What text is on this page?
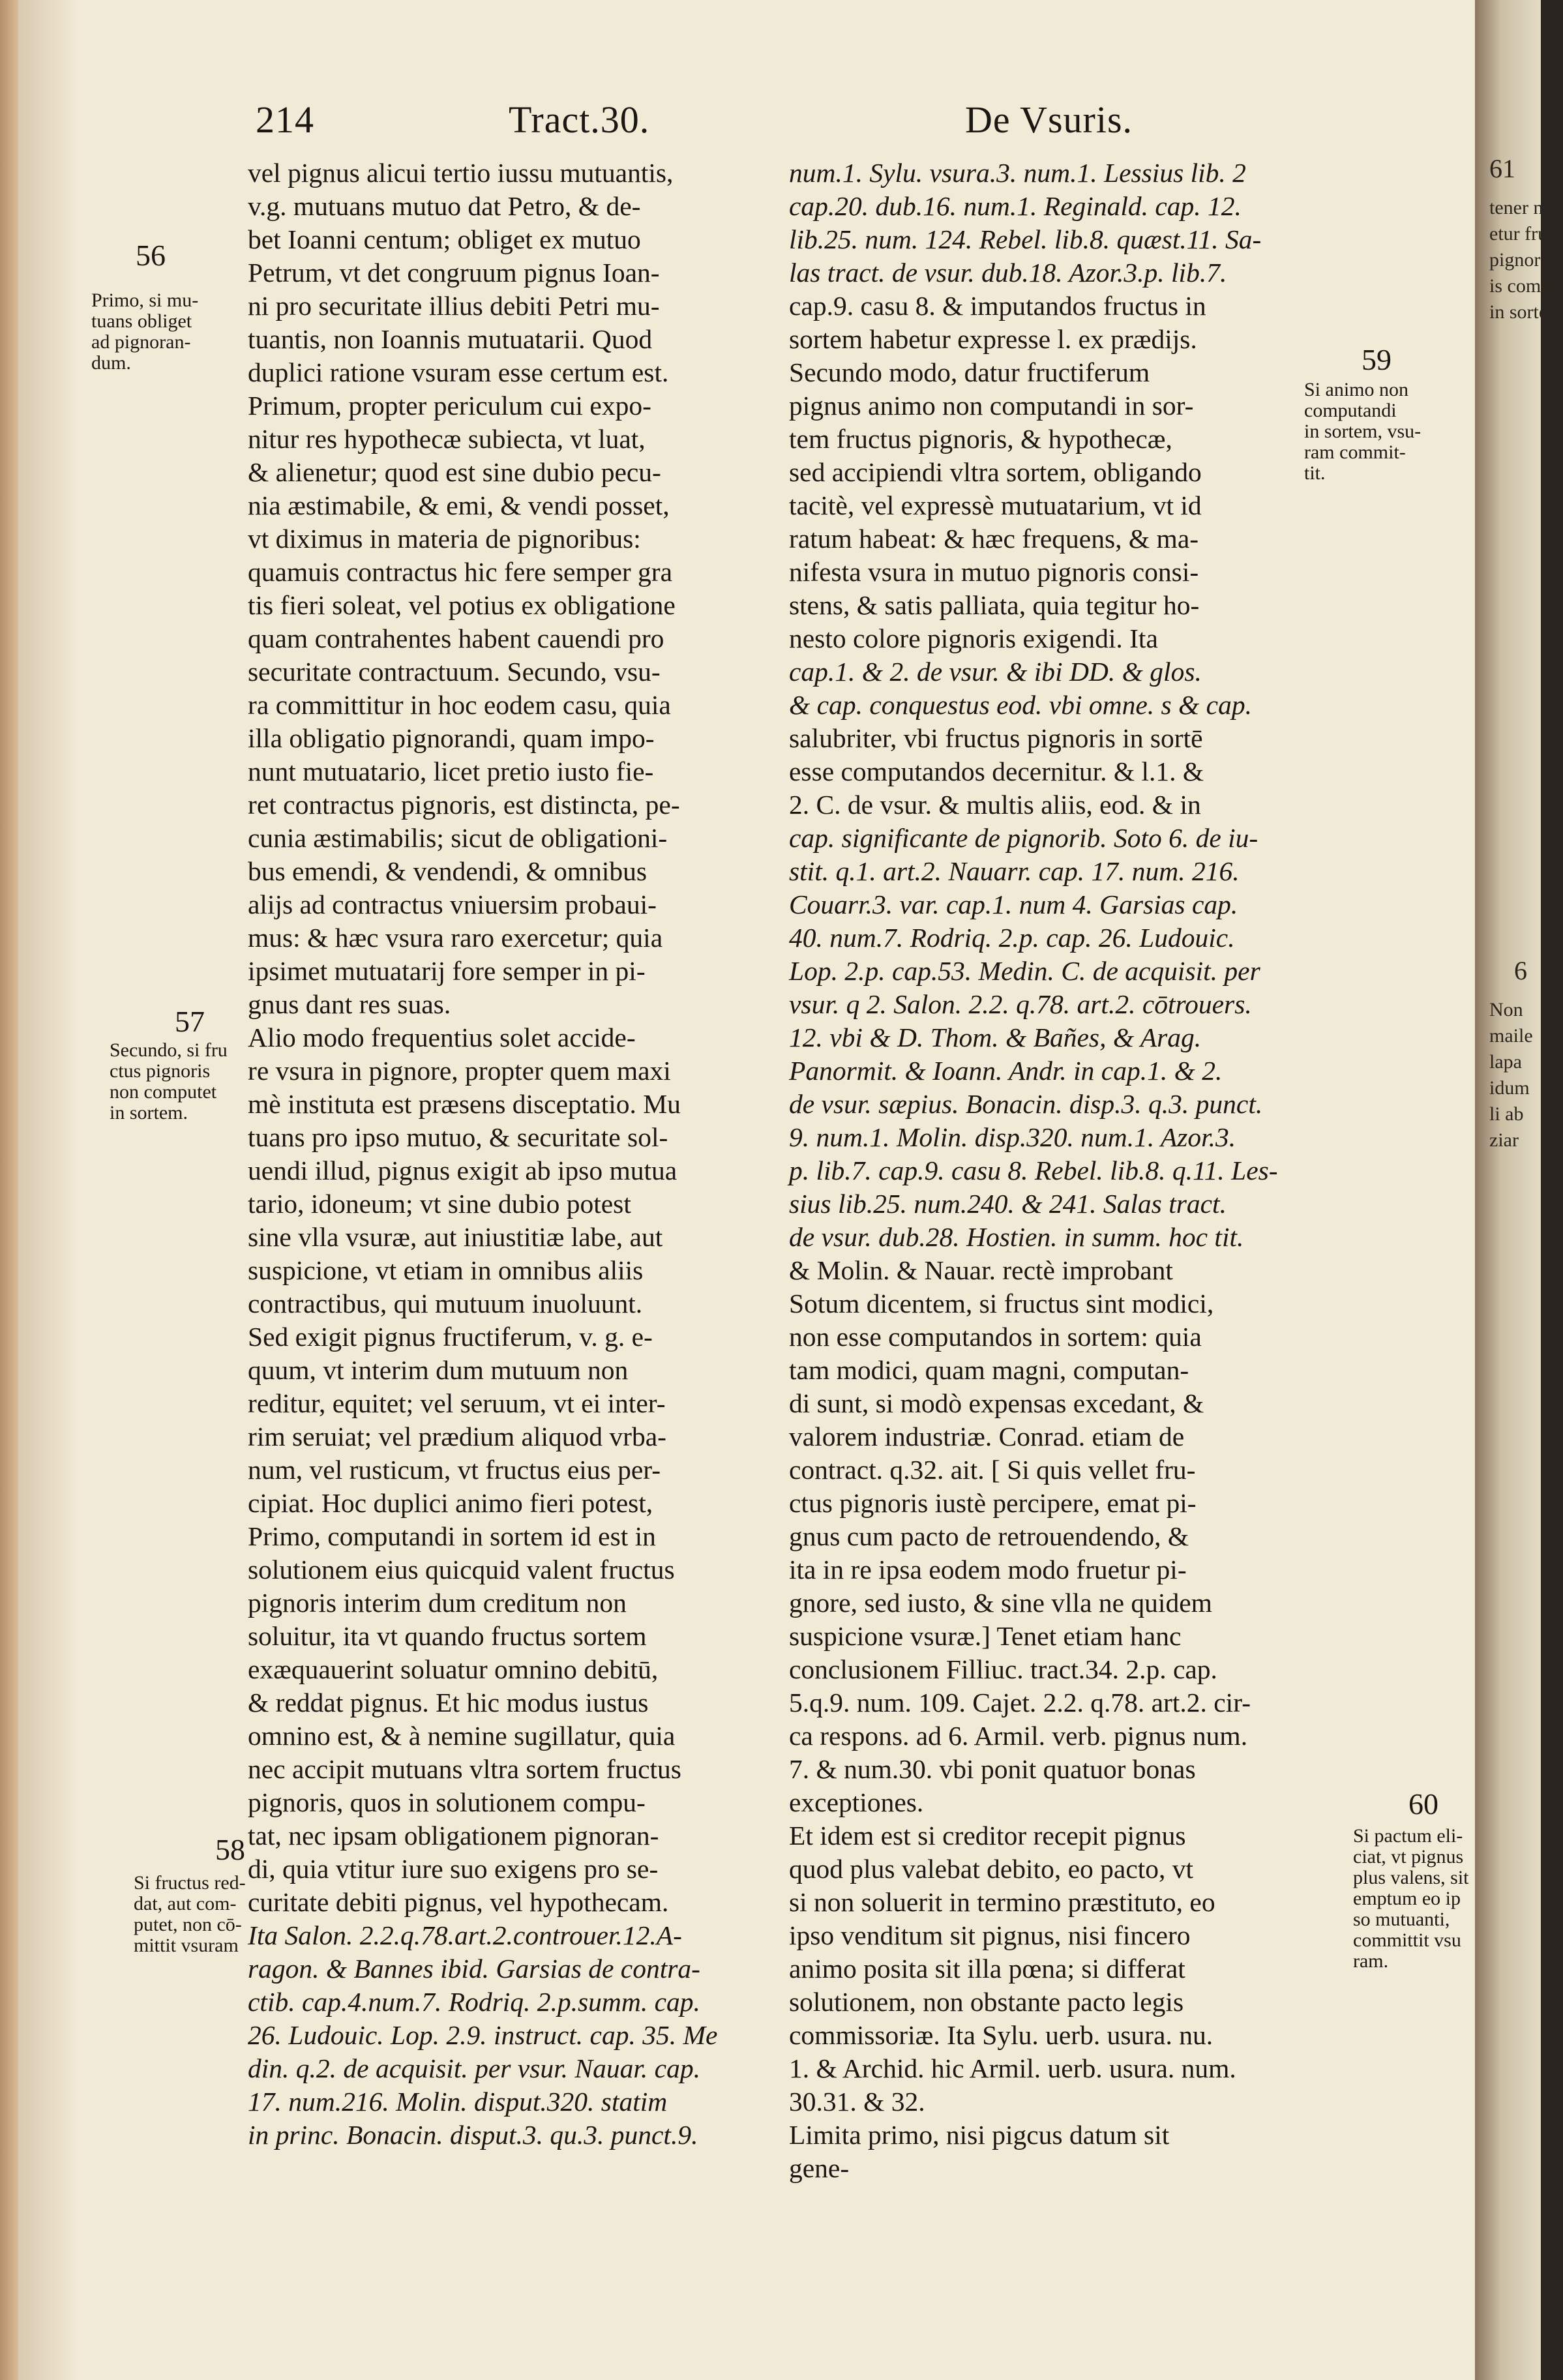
214	Tract.30.	De Vsuris.
56
Primo, si mu-
tuans obliget
ad pignoran-
dum.
57
Secundo, si fru
ctus pignoris
non computet
in sortem.
58
Si fructus red-
dat, aut com-
putet, non cō-
mittit vsuram
59
Si animo non
computandi
in sortem, vsu-
ram commit-
tit.
60
Si pactum eli-
ciat, vt pignus
plus valens, sit
emptum eo ip
so mutuanti,
committit vsu
ram.
vel pignus alicui tertio iussu mutuantis,
v.g. mutuans mutuo dat Petro, & de-
bet Ioanni centum; obliget ex mutuo
Petrum, vt det congruum pignus Ioan-
ni pro securitate illius debiti Petri mu-
tuantis, non Ioannis mutuatarii. Quod
duplici ratione vsuram esse certum est.
Primum, propter periculum cui expo-
nitur res hypothecæ subiecta, vt luat,
& alienetur; quod est sine dubio pecu-
nia æstimabile, & emi, & vendi posset,
vt diximus in materia de pignoribus:
quamuis contractus hic fere semper gra
tis fieri soleat, vel potius ex obligatione
quam contrahentes habent cauendi pro
securitate contractuum. Secundo, vsu-
ra committitur in hoc eodem casu, quia
illa obligatio pignorandi, quam impo-
nunt mutuatario, licet pretio iusto fie-
ret contractus pignoris, est distincta, pe-
cunia æstimabilis; sicut de obligationi-
bus emendi, & vendendi, & omnibus
alijs ad contractus vniuersim probaui-
mus: & hæc vsura raro exercetur; quia
ipsimet mutuatarij fore semper in pi-
gnus dant res suas.
Alio modo frequentius solet accide-
re vsura in pignore, propter quem maxi
mè instituta est præsens disceptatio. Mu
tuans pro ipso mutuo, & securitate sol-
uendi illud, pignus exigit ab ipso mutua
tario, idoneum; vt sine dubio potest
sine vlla vsuræ, aut iniustitiæ labe, aut
suspicione, vt etiam in omnibus aliis
contractibus, qui mutuum inuoluunt.
Sed exigit pignus fructiferum, v. g. e-
quum, vt interim dum mutuum non
reditur, equitet; vel seruum, vt ei inter-
rim seruiat; vel prædium aliquod vrba-
num, vel rusticum, vt fructus eius per-
cipiat. Hoc duplici animo fieri potest,
Primo, computandi in sortem id est in
solutionem eius quicquid valent fructus
pignoris interim dum creditum non
soluitur, ita vt quando fructus sortem
exæquauerint soluatur omnino debitū,
& reddat pignus. Et hic modus iustus
omnino est, & à nemine sugillatur, quia
nec accipit mutuans vltra sortem fructus
pignoris, quos in solutionem compu-
tat, nec ipsam obligationem pignoran-
di, quia vtitur iure suo exigens pro se-
curitate debiti pignus, vel hypothecam.
Ita Salon. 2.2.q.78.art.2.controuer.12.A-
ragon. & Bannes ibid. Garsias de contra-
ctib. cap.4.num.7. Rodriq. 2.p.summ. cap.
26. Ludouic. Lop. 2.9. instruct. cap. 35. Me
din. q.2. de acquisit. per vsur. Nauar. cap.
17. num.216. Molin. disput.320. statim
in princ. Bonacin. disput.3. qu.3. punct.9.
num.1. Sylu. vsura.3. num.1. Lessius lib. 2
cap.20. dub.16. num.1. Reginald. cap. 12.
lib.25. num. 124. Rebel. lib.8. quæst.11. Sa-
las tract. de vsur. dub.18. Azor.3.p. lib.7.
cap.9. casu 8. & imputandos fructus in
sortem habetur expresse l. ex prædijs.
Secundo modo, datur fructiferum
pignus animo non computandi in sor-
tem fructus pignoris, & hypothecæ,
sed accipiendi vltra sortem, obligando
tacitè, vel expressè mutuatarium, vt id
ratum habeat: & hæc frequens, & ma-
nifesta vsura in mutuo pignoris consi-
stens, & satis palliata, quia tegitur ho-
nesto colore pignoris exigendi. Ita
cap.1. & 2. de vsur. & ibi DD. & glos.
& cap. conquestus eod. vbi omne. s & cap.
salubriter, vbi fructus pignoris in sortē
esse computandos decernitur. & l.1. &
2. C. de vsur. & multis aliis, eod. & in
cap. significante de pignorib. Soto 6. de iu-
stit. q.1. art.2. Nauarr. cap. 17. num. 216.
Couarr.3. var. cap.1. num 4. Garsias cap.
40. num.7. Rodriq. 2.p. cap. 26. Ludouic.
Lop. 2.p. cap.53. Medin. C. de acquisit. per
vsur. q 2. Salon. 2.2. q.78. art.2. cōtrouers.
12. vbi & D. Thom. & Bañes, & Arag.
Panormit. & Ioann. Andr. in cap.1. & 2.
de vsur. sæpius. Bonacin. disp.3. q.3. punct.
9. num.1. Molin. disp.320. num.1. Azor.3.
p. lib.7. cap.9. casu 8. Rebel. lib.8. q.11. Les-
sius lib.25. num.240. & 241. Salas tract.
de vsur. dub.28. Hostien. in summ. hoc tit.
& Molin. & Nauar. rectè improbant
Sotum dicentem, si fructus sint modici,
non esse computandos in sortem: quia
tam modici, quam magni, computan-
di sunt, si modò expensas excedant, &
valorem industriæ. Conrad. etiam de
contract. q.32. ait. [ Si quis vellet fru-
ctus pignoris iustè percipere, emat pi-
gnus cum pacto de retrouendendo, &
ita in re ipsa eodem modo fruetur pi-
gnore, sed iusto, & sine vlla ne quidem
suspicione vsuræ.] Tenet etiam hanc
conclusionem Filliuc. tract.34. 2.p. cap.
5.q.9. num. 109. Cajet. 2.2. q.78. art.2. cir-
ca respons. ad 6. Armil. verb. pignus num.
7. & num.30. vbi ponit quatuor bonas
exceptiones.
Et idem est si creditor recepit pignus
quod plus valebat debito, eo pacto, vt
si non soluerit in termino præstituto, eo
ipso venditum sit pignus, nisi fincero
animo posita sit illa pœna; si differat
solutionem, non obstante pacto legis
commissoriæ. Ita Sylu. uerb. usura. nu.
1. & Archid. hic Armil. uerb. usura. num.
30.31. & 32.
Limita primo, nisi pigcus datum sit
gene-
61
tener no
etur fru
pignoris
is compu
in sortem
6
Non
maile
lapa
idum
li ab
ziar
